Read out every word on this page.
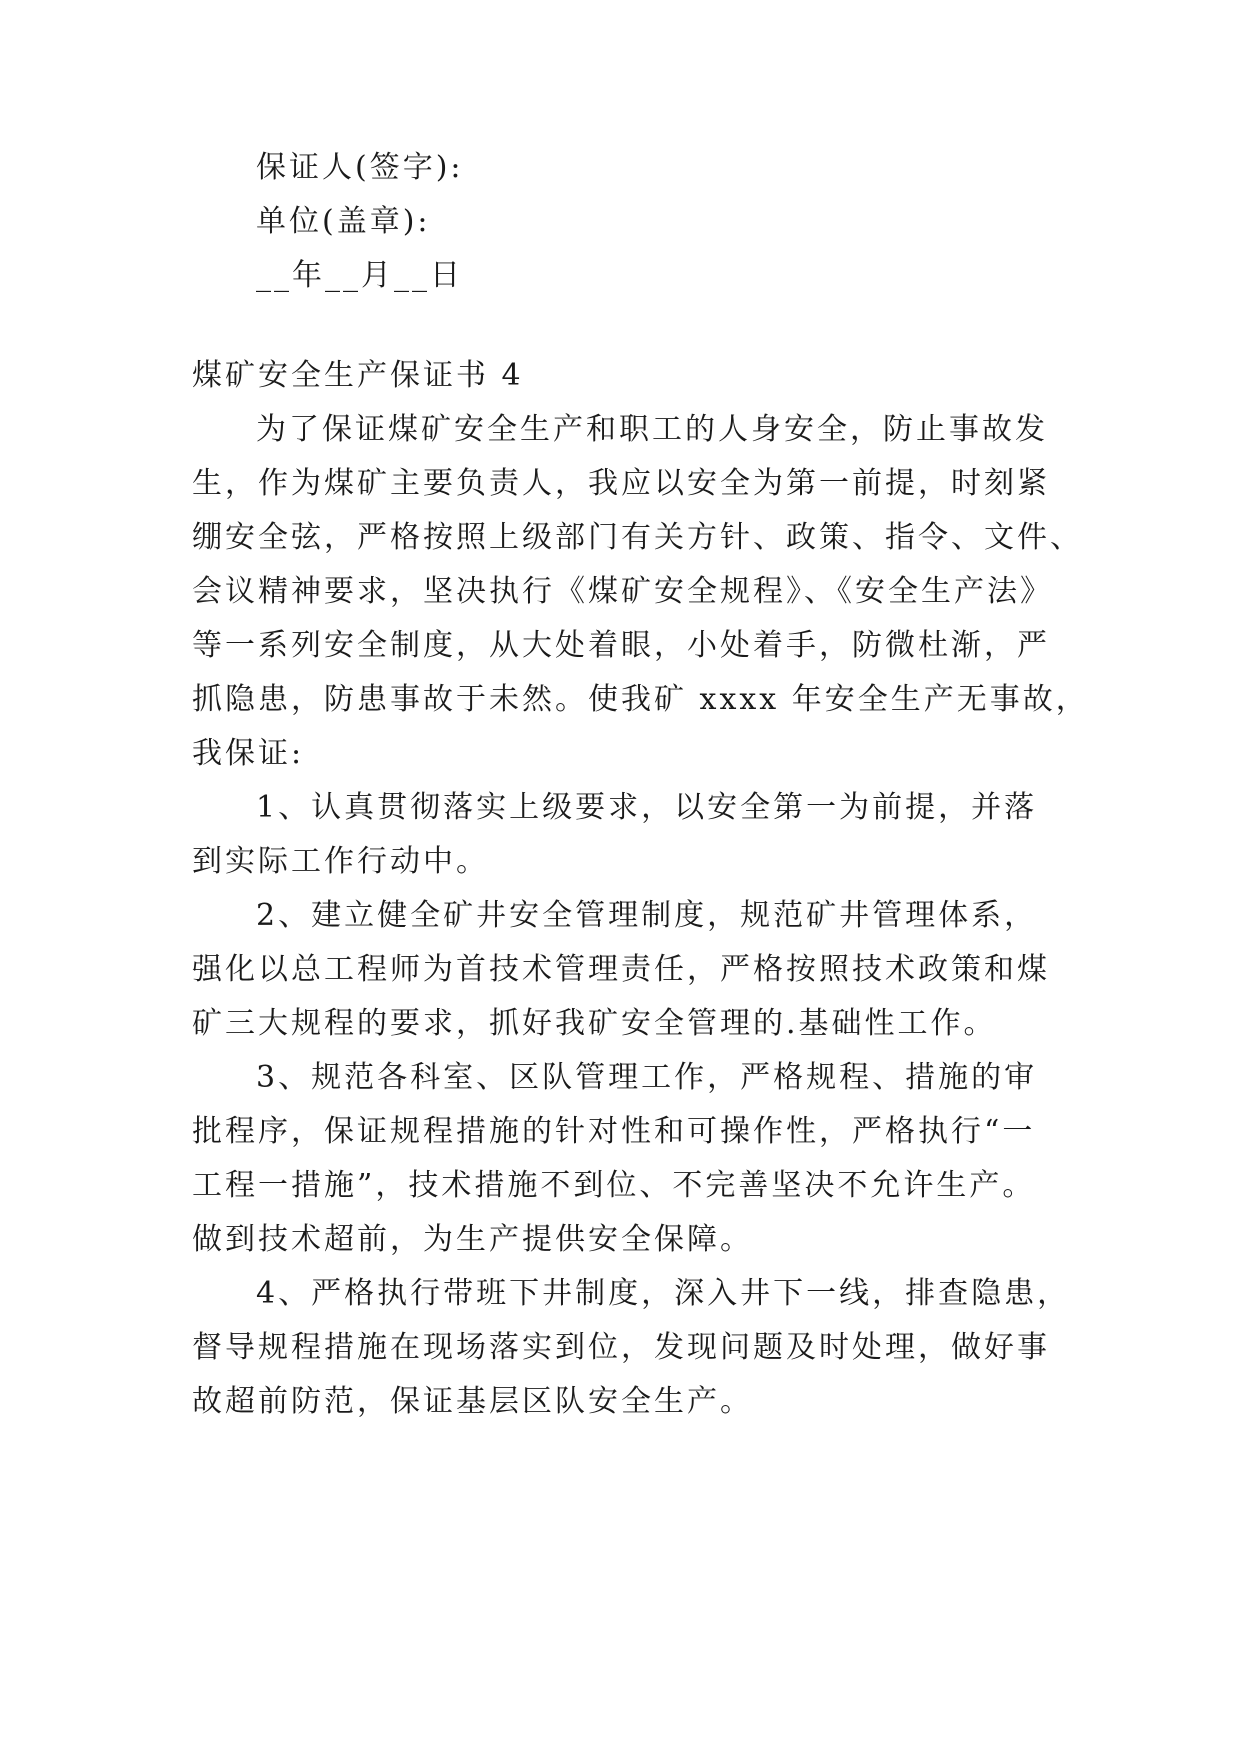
保证人(签字):
单位(盖章):
__年__月__日
煤矿安全生产保证书 4
为了保证煤矿安全生产和职工的人身安全，防止事故发
生，作为煤矿主要负责人，我应以安全为第一前提，时刻紧
绷安全弦，严格按照上级部门有关方针、政策、指令、文件、
会议精神要求，坚决执行《煤矿安全规程》、《安全生产法》
等一系列安全制度，从大处着眼，小处着手，防微杜渐，严
抓隐患，防患事故于未然。使我矿 xxxx 年安全生产无事故，
我保证:
1、认真贯彻落实上级要求，以安全第一为前提，并落
到实际工作行动中。
2、建立健全矿井安全管理制度，规范矿井管理体系，
强化以总工程师为首技术管理责任，严格按照技术政策和煤
矿三大规程的要求，抓好我矿安全管理的.基础性工作。
3、规范各科室、区队管理工作，严格规程、措施的审
批程序，保证规程措施的针对性和可操作性，严格执行“一
工程一措施”，技术措施不到位、不完善坚决不允许生产。
做到技术超前，为生产提供安全保障。
4、严格执行带班下井制度，深入井下一线，排查隐患，
督导规程措施在现场落实到位，发现问题及时处理，做好事
故超前防范，保证基层区队安全生产。
